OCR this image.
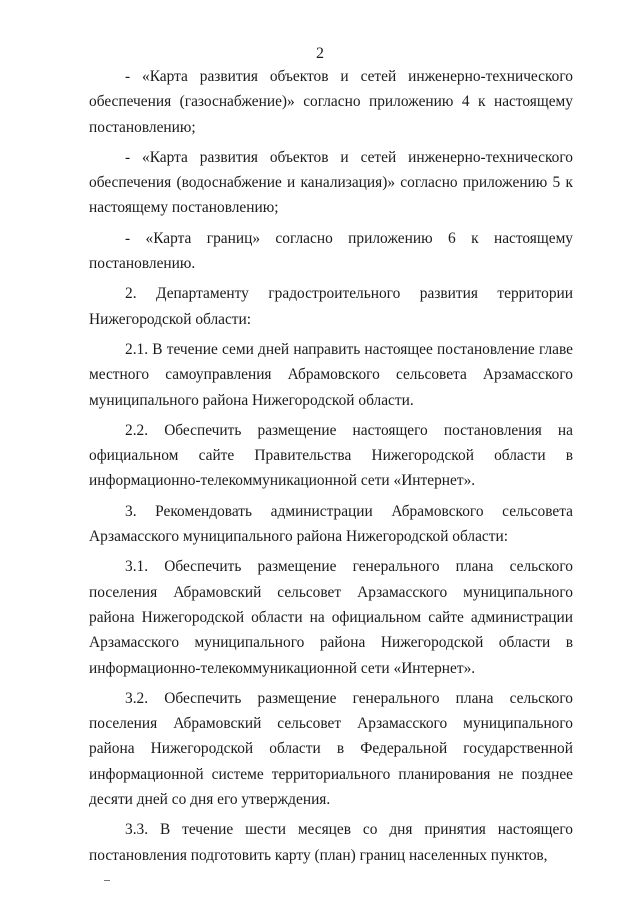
2

- «Карта развития объектов и сетей инженерно-технического обеспечения (газоснабжение)» согласно приложению 4 к настоящему постановлению;

- «Карта развития объектов и сетей инженерно-технического обеспечения (водоснабжение и канализация)» согласно приложению 5 к настоящему постановлению;

- «Карта границ» согласно приложению 6 к настоящему постановлению.

2. Департаменту градостроительного развития территории Нижегородской области:

2.1. В течение семи дней направить настоящее постановление главе местного самоуправления Абрамовского сельсовета Арзамасского муниципального района Нижегородской области.

2.2. Обеспечить размещение настоящего постановления на официальном сайте Правительства Нижегородской области в информационно-телекоммуникационной сети «Интернет».

3. Рекомендовать администрации Абрамовского сельсовета Арзамасского муниципального района Нижегородской области:

3.1. Обеспечить размещение генерального плана сельского поселения Абрамовский сельсовет Арзамасского муниципального района Нижегородской области на официальном сайте администрации Арзамасского муниципального района Нижегородской области в информационно-телекоммуникационной сети «Интернет».

3.2. Обеспечить размещение генерального плана сельского поселения Абрамовский сельсовет Арзамасского муниципального района Нижегородской области в Федеральной государственной информационной системе территориального планирования не позднее десяти дней со дня его утверждения.

3.3. В течение шести месяцев со дня принятия настоящего постановления подготовить карту (план) границ населенных пунктов,
